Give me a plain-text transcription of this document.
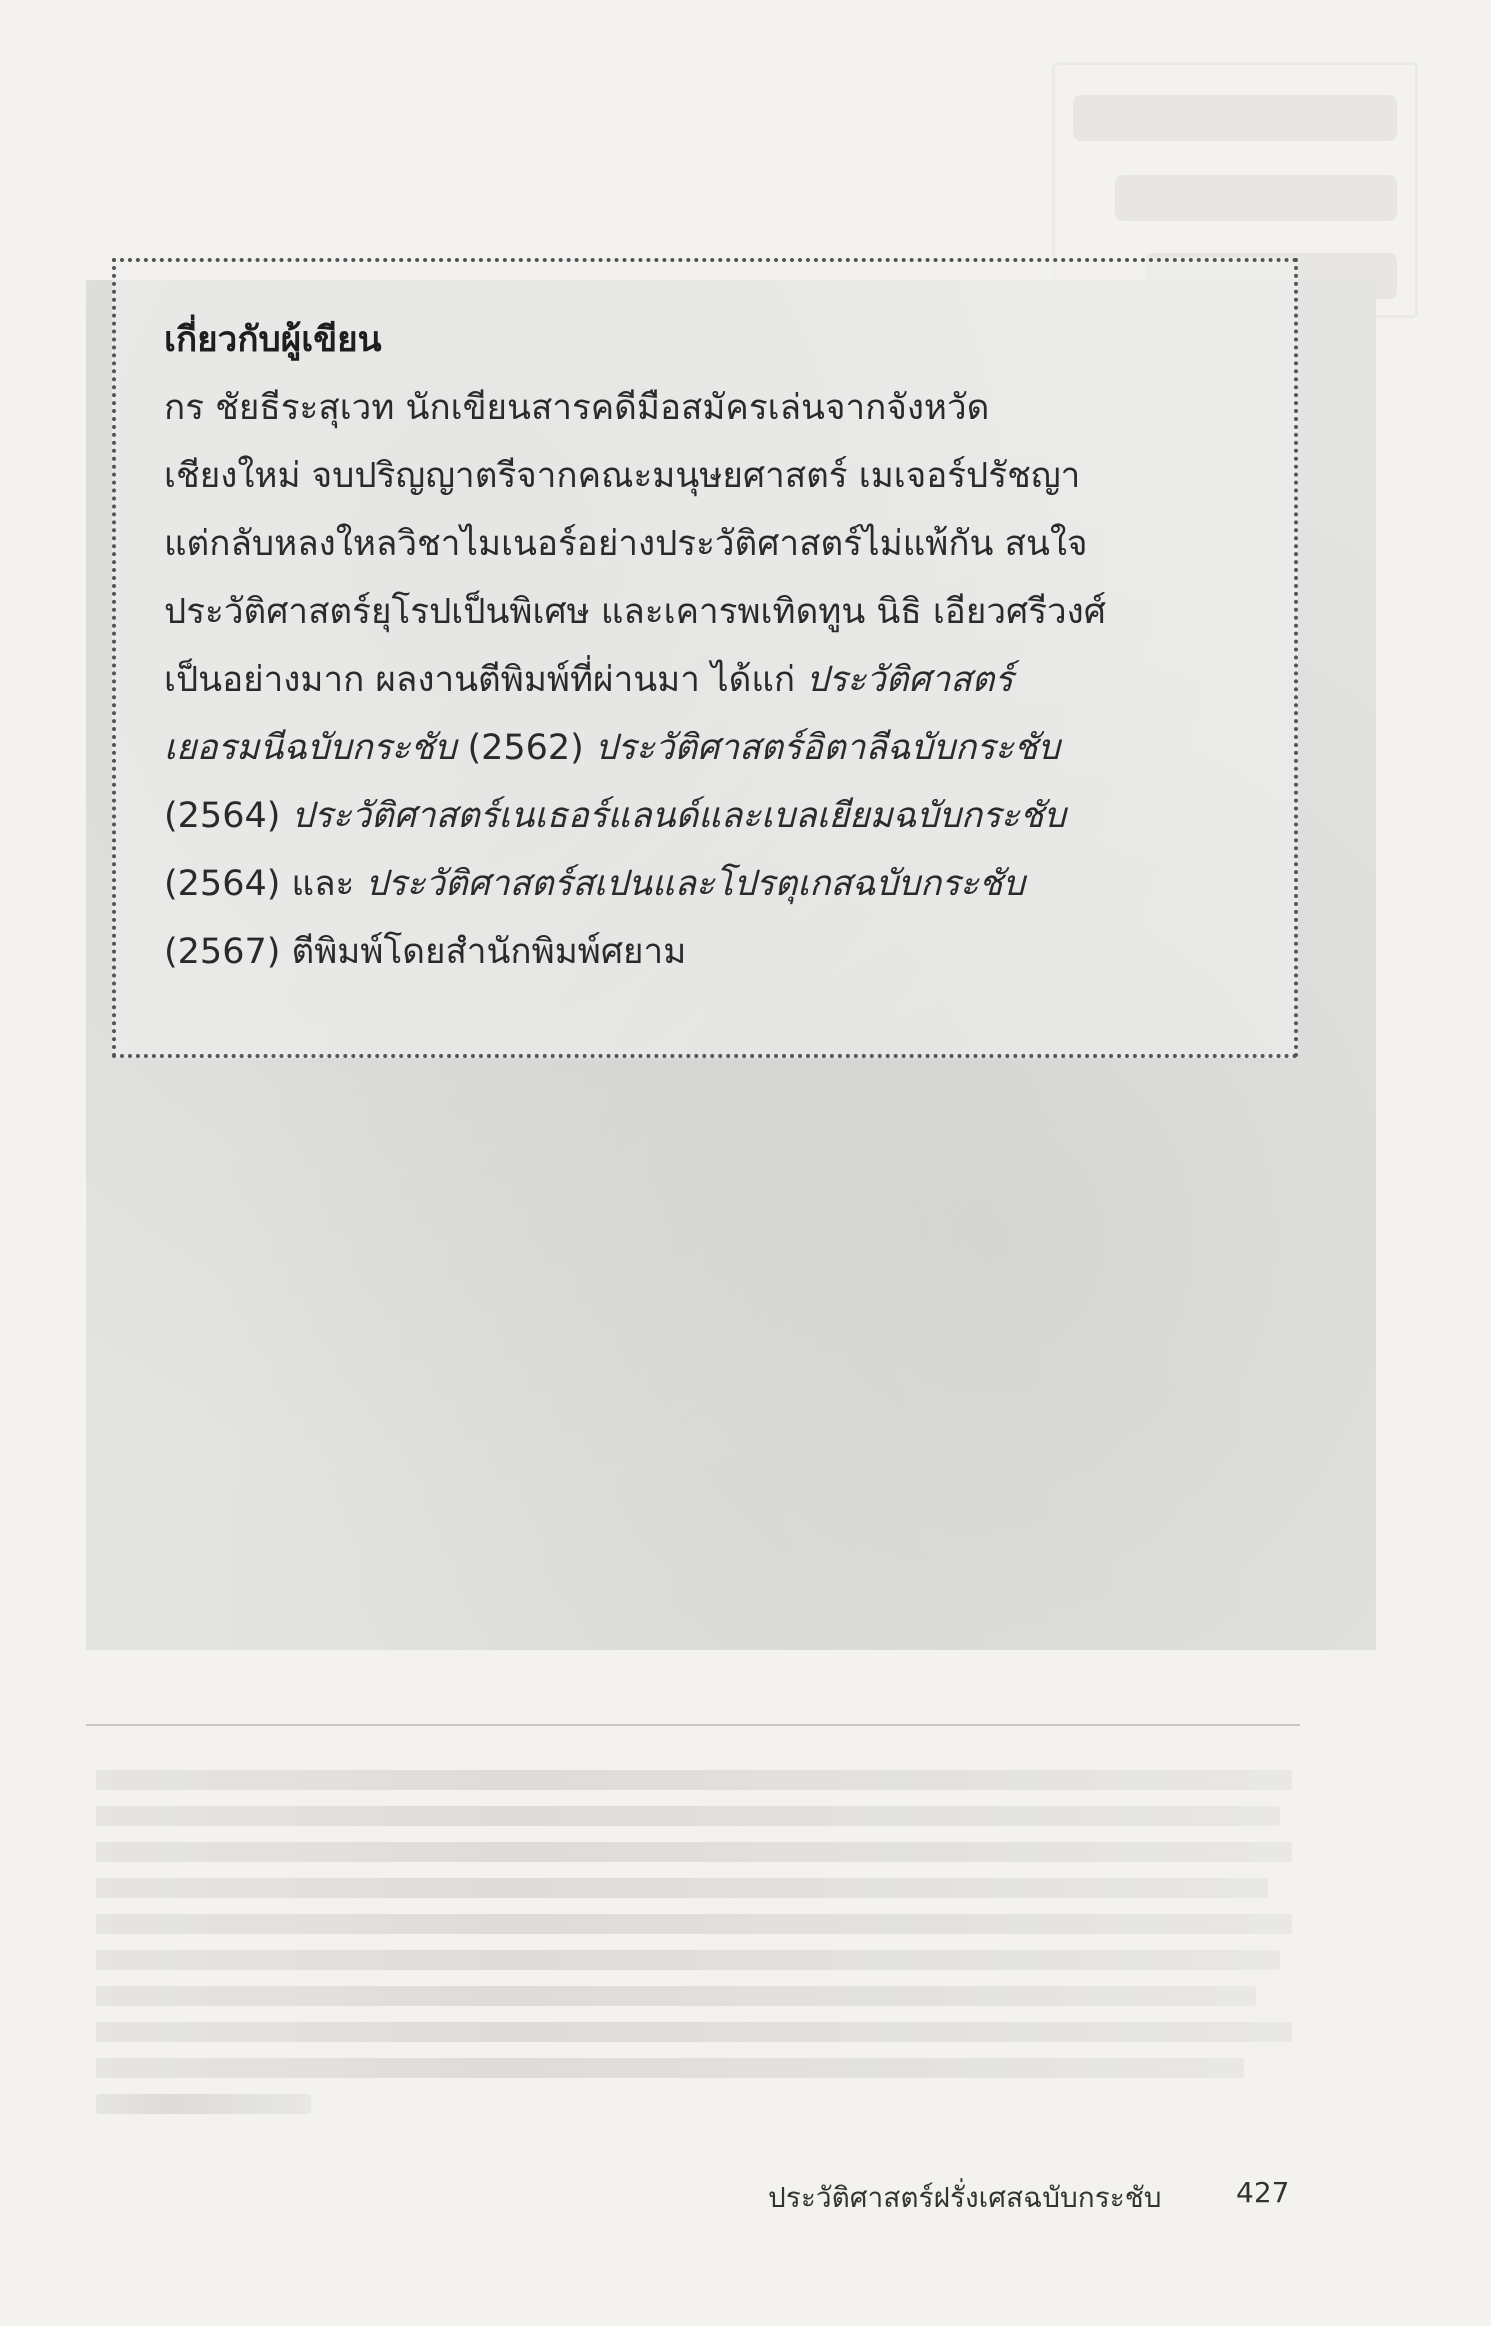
เกี่ยวกับผู้เขียน
กร ชัยธีระสุเวท นักเขียนสารคดีมือสมัครเล่นจากจังหวัด
เชียงใหม่ จบปริญญาตรีจากคณะมนุษยศาสตร์ เมเจอร์ปรัชญา
แต่กลับหลงใหลวิชาไมเนอร์อย่างประวัติศาสตร์ไม่แพ้กัน สนใจ
ประวัติศาสตร์ยุโรปเป็นพิเศษ และเคารพเทิดทูน นิธิ เอียวศรีวงศ์
เป็นอย่างมาก ผลงานตีพิมพ์ที่ผ่านมา ได้แก่ ประวัติศาสตร์
เยอรมนีฉบับกระชับ (2562) ประวัติศาสตร์อิตาลีฉบับกระชับ
(2564) ประวัติศาสตร์เนเธอร์แลนด์และเบลเยียมฉบับกระชับ
(2564) และ ประวัติศาสตร์สเปนและโปรตุเกสฉบับกระชับ
(2567) ตีพิมพ์โดยสำนักพิมพ์ศยาม
ประวัติศาสตร์ฝรั่งเศสฉบับกระชับ	427
